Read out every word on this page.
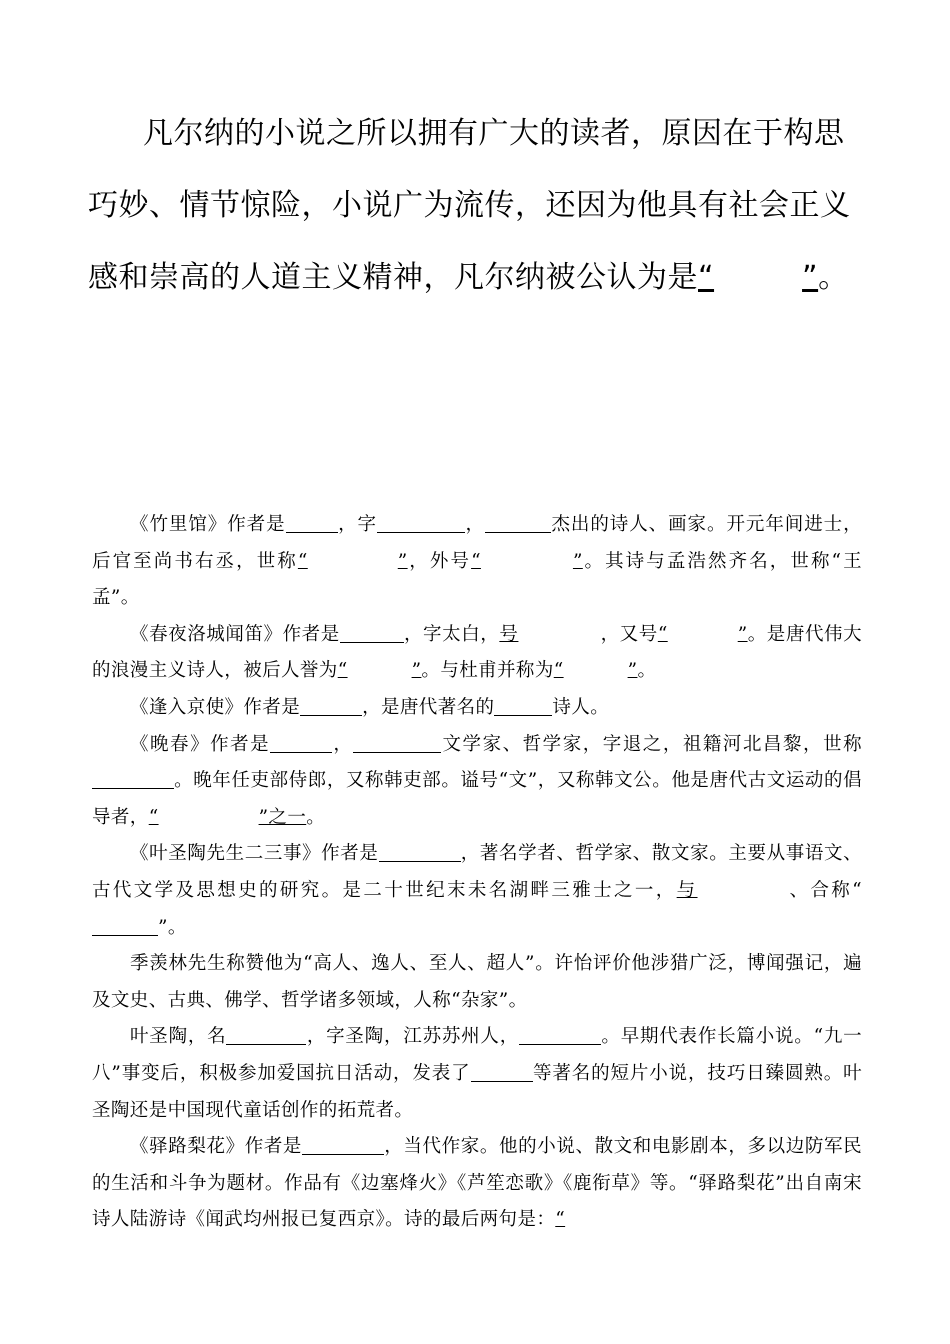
凡尔纳的小说之所以拥有广大的读者，原因在于构思巧妙、情节惊险，小说广为流传，还因为他具有社会正义感和崇高的人道主义精神，凡尔纳被公认为是“	”。

《竹里馆》作者是	，字	，	杰出的诗人、画家。开元年间进士，后官至尚书右丞，世称“	”，外号“	”。其诗与孟浩然齐名，世称“王孟”。

《春夜洛城闻笛》作者是	，字太白，号	，又号“	”。是唐代伟大的浪漫主义诗人，被后人誉为“	”。与杜甫并称为“	”。

《逢入京使》作者是	，是唐代著名的	诗人。

《晚春》作者是	，	文学家、哲学家，字退之，祖籍河北昌黎，世称。晚年任吏部侍郎，又称韩吏部。谥号“文”，又称韩文公。他是唐代古文运动的倡导者，“	”之一。

《叶圣陶先生二三事》作者是	，著名学者、哲学家、散文家。主要从事语文、古代文学及思想史的研究。是二十世纪末未名湖畔三雅士之一，与	、合称“”。

季羡林先生称赞他为“高人、逸人、至人、超人”。许怡评价他涉猎广泛，博闻强记，遍及文史、古典、佛学、哲学诸多领域，人称“杂家”。

叶圣陶，名	，字圣陶，江苏苏州人，	。早期代表作长篇小说。“九一八”事变后，积极参加爱国抗日活动，发表了	等著名的短片小说，技巧日臻圆熟。叶圣陶还是中国现代童话创作的拓荒者。

《驿路梨花》作者是	，当代作家。他的小说、散文和电影剧本，多以边防军民的生活和斗争为题材。作品有《边塞烽火》《芦笙恋歌》《鹿衔草》等。“驿路梨花”出自南宋诗人陆游诗《闻武均州报已复西京》。诗的最后两句是：“
